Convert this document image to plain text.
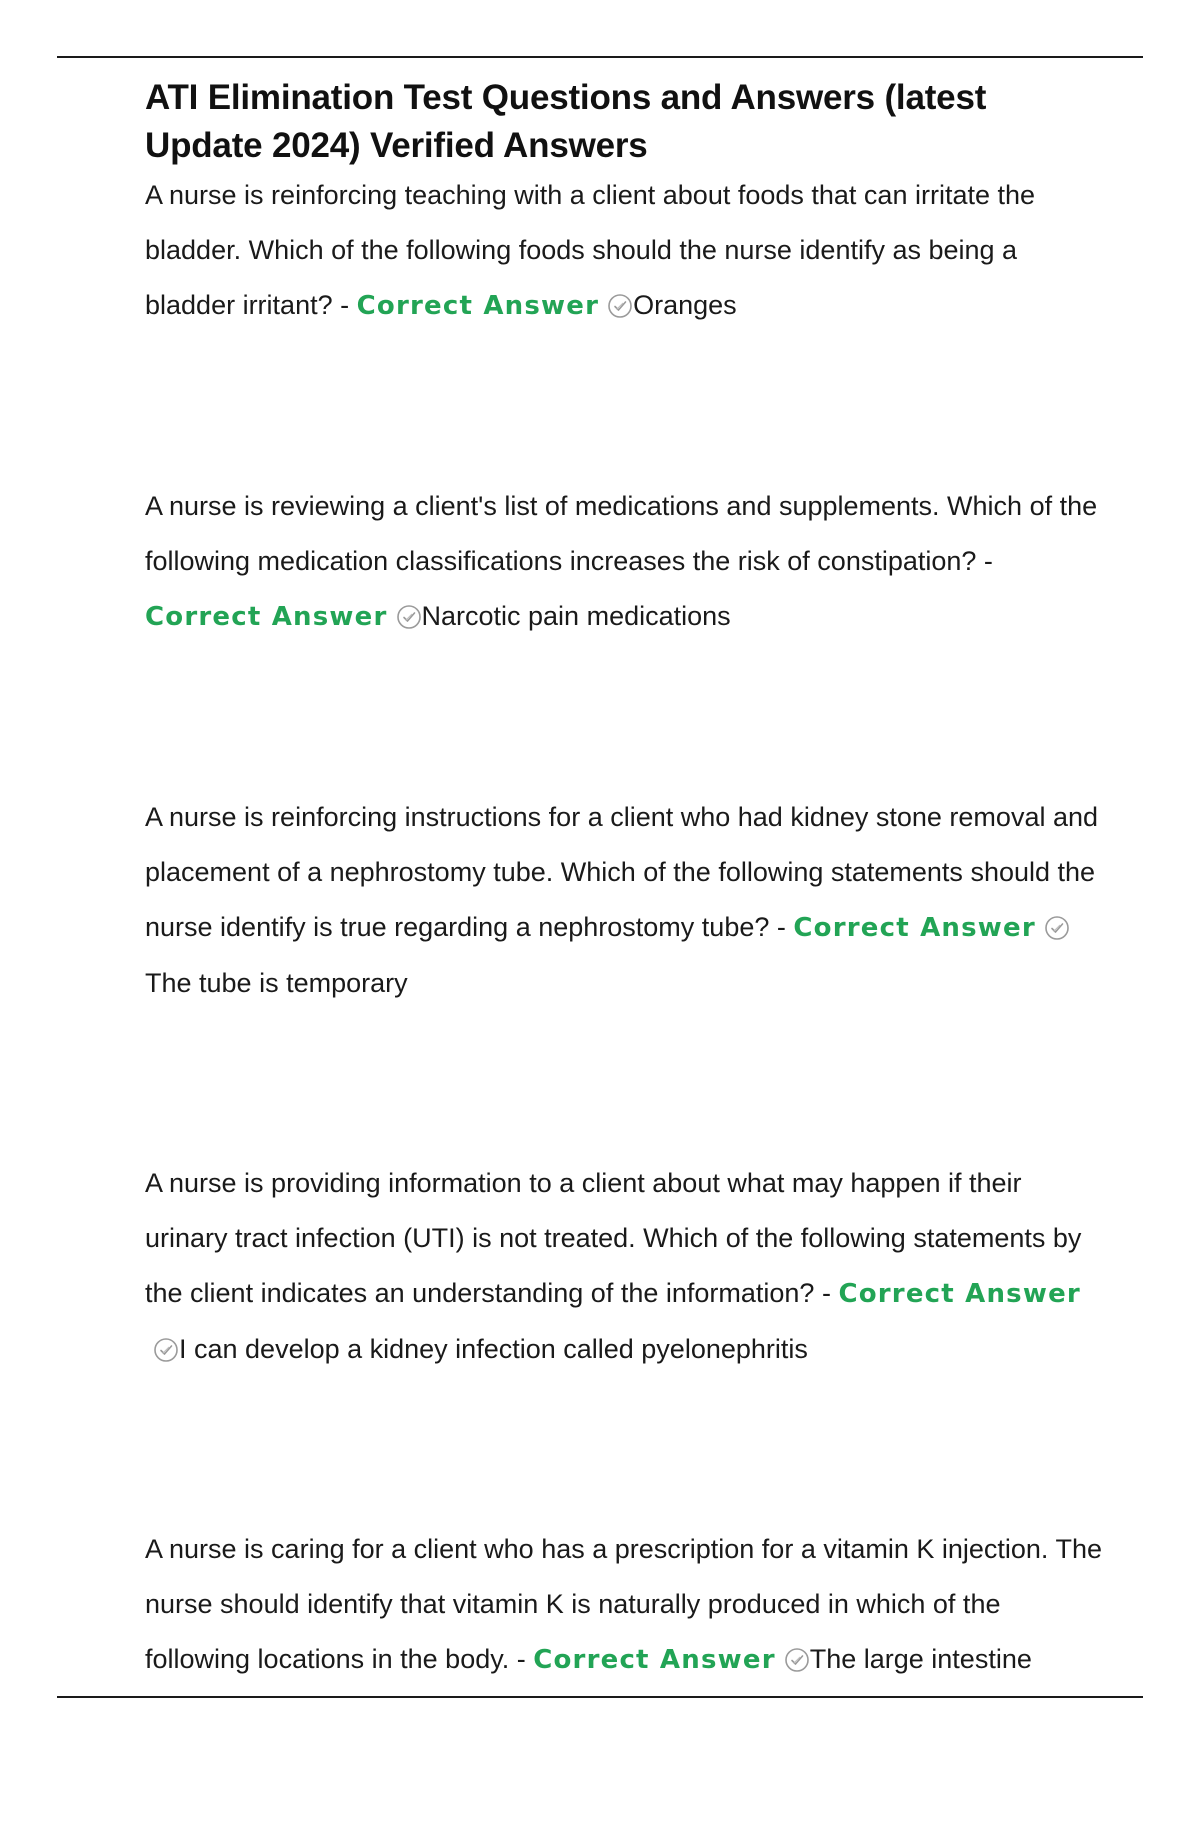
ATI Elimination Test Questions and Answers (latest Update 2024) Verified Answers
A nurse is reinforcing teaching with a client about foods that can irritate the bladder. Which of the following foods should the nurse identify as being a bladder irritant? - Correct Answer Oranges
A nurse is reviewing a client's list of medications and supplements. Which of the following medication classifications increases the risk of constipation? - Correct Answer Narcotic pain medications
A nurse is reinforcing instructions for a client who had kidney stone removal and placement of a nephrostomy tube. Which of the following statements should the nurse identify is true regarding a nephrostomy tube? - Correct Answer
The tube is temporary
A nurse is providing information to a client about what may happen if their urinary tract infection (UTI) is not treated. Which of the following statements by the client indicates an understanding of the information? - Correct Answer
I can develop a kidney infection called pyelonephritis
A nurse is caring for a client who has a prescription for a vitamin K injection. The nurse should identify that vitamin K is naturally produced in which of the following locations in the body. - Correct Answer The large intestine
